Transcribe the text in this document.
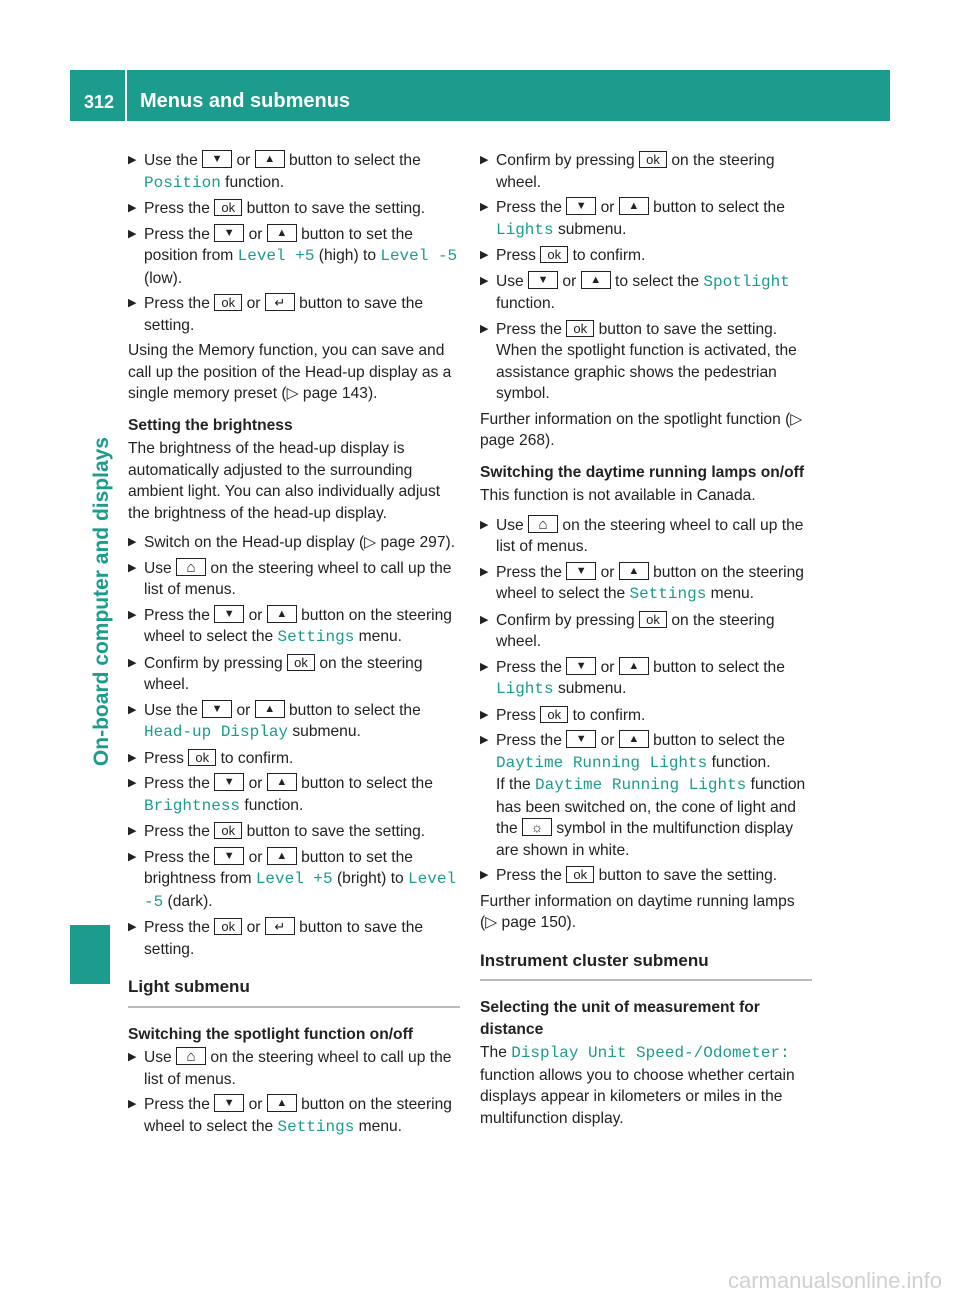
312 Menus and submenus
On-board computer and displays
▶ Use the ▼ or ▲ button to select the Position function.
▶ Press the ok button to save the setting.
▶ Press the ▼ or ▲ button to set the position from Level +5 (high) to Level -5 (low).
▶ Press the ok or ↵ button to save the setting.
Using the Memory function, you can save and call up the position of the Head-up display as a single memory preset (▷ page 143).
Setting the brightness
The brightness of the head-up display is automatically adjusted to the surrounding ambient light. You can also individually adjust the brightness of the head-up display.
▶ Switch on the Head-up display (▷ page 297).
▶ Use ⌂ on the steering wheel to call up the list of menus.
▶ Press the ▼ or ▲ button on the steering wheel to select the Settings menu.
▶ Confirm by pressing ok on the steering wheel.
▶ Use the ▼ or ▲ button to select the Head-up Display submenu.
▶ Press ok to confirm.
▶ Press the ▼ or ▲ button to select the Brightness function.
▶ Press the ok button to save the setting.
▶ Press the ▼ or ▲ button to set the brightness from Level +5 (bright) to Level -5 (dark).
▶ Press the ok or ↵ button to save the setting.
Light submenu
Switching the spotlight function on/off
▶ Use ⌂ on the steering wheel to call up the list of menus.
▶ Press the ▼ or ▲ button on the steering wheel to select the Settings menu.
▶ Confirm by pressing ok on the steering wheel.
▶ Press the ▼ or ▲ button to select the Lights submenu.
▶ Press ok to confirm.
▶ Use ▼ or ▲ to select the Spotlight function.
▶ Press the ok button to save the setting. When the spotlight function is activated, the assistance graphic shows the pedestrian symbol.
Further information on the spotlight function (▷ page 268).
Switching the daytime running lamps on/off
This function is not available in Canada.
▶ Use ⌂ on the steering wheel to call up the list of menus.
▶ Press the ▼ or ▲ button on the steering wheel to select the Settings menu.
▶ Confirm by pressing ok on the steering wheel.
▶ Press the ▼ or ▲ button to select the Lights submenu.
▶ Press ok to confirm.
▶ Press the ▼ or ▲ button to select the Daytime Running Lights function.
If the Daytime Running Lights function has been switched on, the cone of light and the ☼ symbol in the multifunction display are shown in white.
▶ Press the ok button to save the setting.
Further information on daytime running lamps (▷ page 150).
Instrument cluster submenu
Selecting the unit of measurement for distance
The Display Unit Speed-/Odometer: function allows you to choose whether certain displays appear in kilometers or miles in the multifunction display.
carmanualsonline.info
